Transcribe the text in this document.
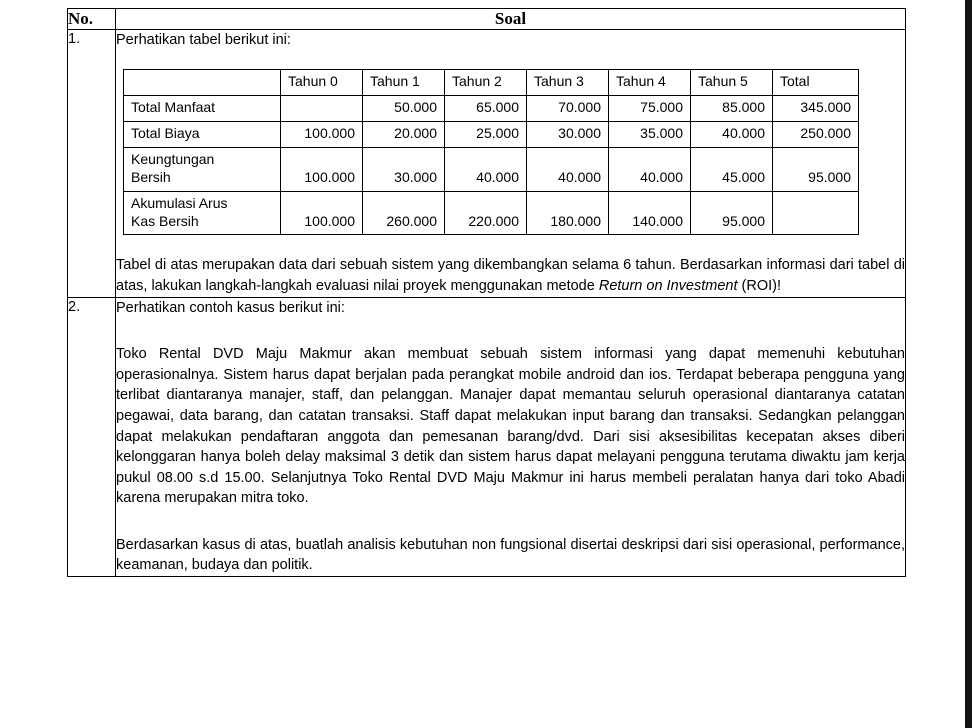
No.	Soal
1.	Perhatikan tabel berikut ini:

	Tahun 0	Tahun 1	Tahun 2	Tahun 3	Tahun 4	Tahun 5	Total
Total Manfaat		50.000	65.000	70.000	75.000	85.000	345.000
Total Biaya	100.000	20.000	25.000	30.000	35.000	40.000	250.000
Keungtungan
Bersih	100.000	30.000	40.000	40.000	40.000	45.000	95.000
Akumulasi Arus
Kas Bersih	100.000	260.000	220.000	180.000	140.000	95.000	

Tabel di atas merupakan data dari sebuah sistem yang dikembangkan selama 6 tahun. Berdasarkan informasi dari tabel di atas, lakukan langkah-langkah evaluasi nilai proyek menggunakan metode Return on Investment (ROI)!

2.	Perhatikan contoh kasus berikut ini:

Toko Rental DVD Maju Makmur akan membuat sebuah sistem informasi yang dapat memenuhi kebutuhan operasionalnya. Sistem harus dapat berjalan pada perangkat mobile android dan ios. Terdapat beberapa pengguna yang terlibat diantaranya manajer, staff, dan pelanggan. Manajer dapat memantau seluruh operasional diantaranya catatan pegawai, data barang, dan catatan transaksi. Staff dapat melakukan input barang dan transaksi. Sedangkan pelanggan dapat melakukan pendaftaran anggota dan pemesanan barang/dvd. Dari sisi aksesibilitas kecepatan akses diberi kelonggaran hanya boleh delay maksimal 3 detik dan sistem harus dapat melayani pengguna terutama diwaktu jam kerja pukul 08.00 s.d 15.00. Selanjutnya Toko Rental DVD Maju Makmur ini harus membeli peralatan hanya dari toko Abadi karena merupakan mitra toko.

Berdasarkan kasus di atas, buatlah analisis kebutuhan non fungsional disertai deskripsi dari sisi operasional, performance, keamanan, budaya dan politik.
